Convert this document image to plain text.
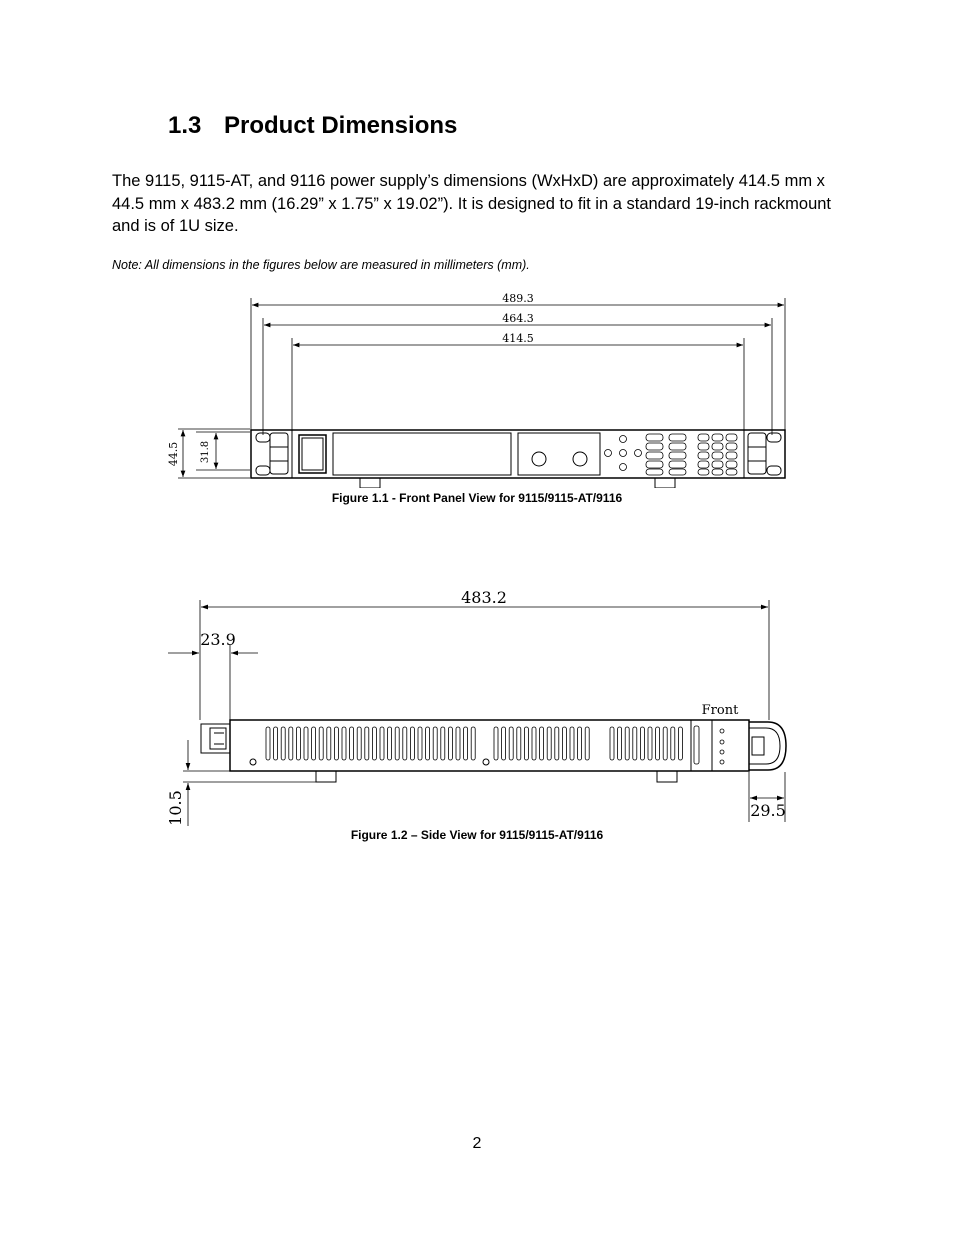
1.3 Product Dimensions

The 9115, 9115-AT, and 9116 power supply’s dimensions (WxHxD) are approximately 414.5 mm x 44.5 mm x 483.2 mm (16.29” x 1.75” x 19.02”). It is designed to fit in a standard 19-inch rackmount and is of 1U size.

Note: All dimensions in the figures below are measured in millimeters (mm).

489.3
464.3
414.5
44.5 31.8

Figure 1.1 - Front Panel View for 9115/9115-AT/9116

483.2
23.9
Front
10.5	29.5

Figure 1.2 – Side View for 9115/9115-AT/9116

2
